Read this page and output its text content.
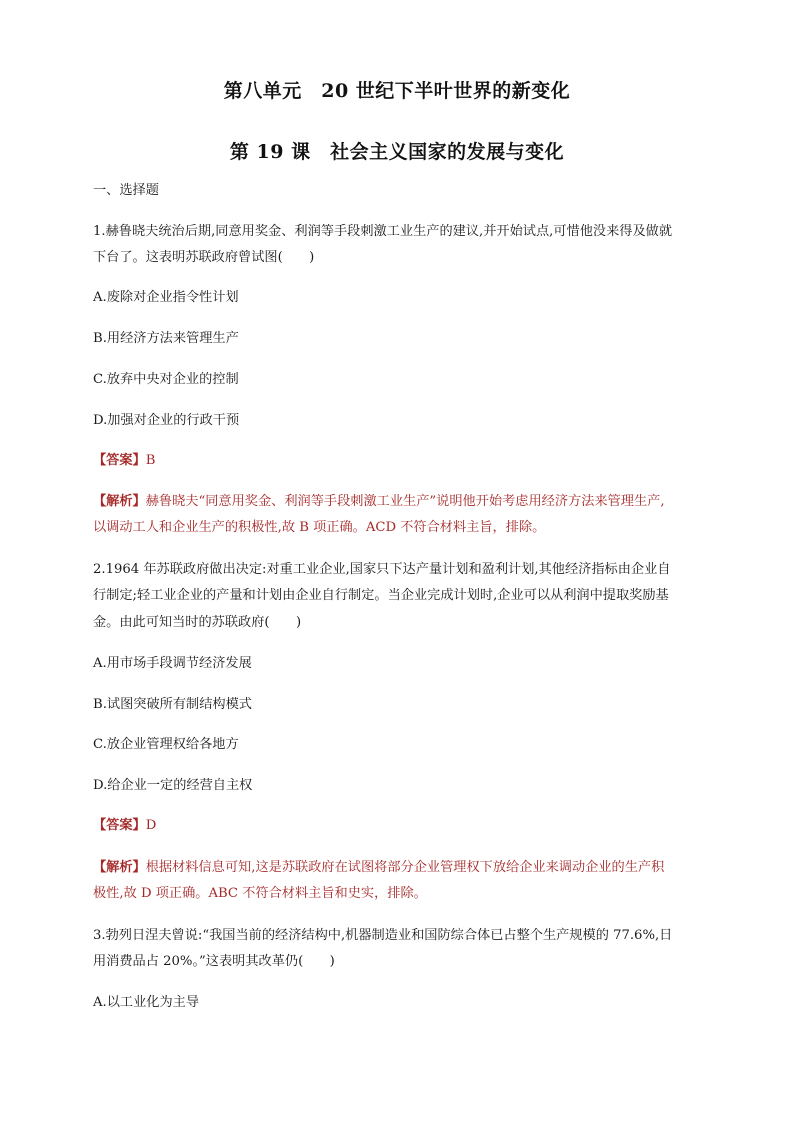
第八单元　20 世纪下半叶世界的新变化
第 19 课　社会主义国家的发展与变化
一、选择题
1.赫鲁晓夫统治后期,同意用奖金、利润等手段刺激工业生产的建议,并开始试点,可惜他没来得及做就
下台了。这表明苏联政府曾试图(　　)
A.废除对企业指令性计划
B.用经济方法来管理生产
C.放弃中央对企业的控制
D.加强对企业的行政干预
【答案】B
【解析】赫鲁晓夫“同意用奖金、利润等手段刺激工业生产”说明他开始考虑用经济方法来管理生产,
以调动工人和企业生产的积极性,故 B 项正确。ACD 不符合材料主旨，排除。
2.1964 年苏联政府做出决定:对重工业企业,国家只下达产量计划和盈利计划,其他经济指标由企业自
行制定;轻工业企业的产量和计划由企业自行制定。当企业完成计划时,企业可以从利润中提取奖励基
金。由此可知当时的苏联政府(　　)
A.用市场手段调节经济发展
B.试图突破所有制结构模式
C.放企业管理权给各地方
D.给企业一定的经营自主权
【答案】D
【解析】根据材料信息可知,这是苏联政府在试图将部分企业管理权下放给企业来调动企业的生产积
极性,故 D 项正确。ABC 不符合材料主旨和史实，排除。
3.勃列日涅夫曾说:“我国当前的经济结构中,机器制造业和国防综合体已占整个生产规模的 77.6%,日
用消费品占 20%。”这表明其改革仍(　　)
A.以工业化为主导
